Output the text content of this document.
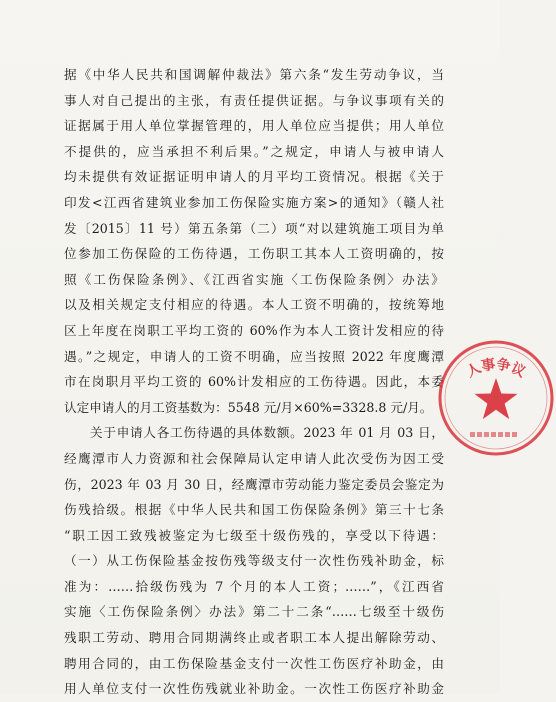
据《中华人民共和国调解仲裁法》第六条“发生劳动争议，当
事人对自己提出的主张，有责任提供证据。与争议事项有关的
证据属于用人单位掌握管理的，用人单位应当提供；用人单位
不提供的，应当承担不利后果。”之规定，申请人与被申请人
均未提供有效证据证明申请人的月平均工资情况。根据《关于
印发<江西省建筑业参加工伤保险实施方案>的通知》（赣人社
发〔2015〕11 号）第五条第（二）项“对以建筑施工项目为单
位参加工伤保险的工伤待遇，工伤职工其本人工资明确的，按
照《工伤保险条例》、《江西省实施〈工伤保险条例〉办法》
以及相关规定支付相应的待遇。本人工资不明确的，按统筹地
区上年度在岗职工平均工资的 60%作为本人工资计发相应的待
遇。”之规定，申请人的工资不明确，应当按照 2022 年度鹰潭
市在岗职月平均工资的 60%计发相应的工伤待遇。因此，本委
认定申请人的月工资基数为：5548 元/月×60%=3328.8 元/月。
关于申请人各工伤待遇的具体数额。2023 年 01 月 03 日，
经鹰潭市人力资源和社会保障局认定申请人此次受伤为因工受
伤，2023 年 03 月 30 日，经鹰潭市劳动能力鉴定委员会鉴定为
伤残拾级。根据《中华人民共和国工伤保险条例》第三十七条
“职工因工致残被鉴定为七级至十级伤残的，享受以下待遇：
（一）从工伤保险基金按伤残等级支付一次性伤残补助金，标
准为：……拾级伤残为 7 个月的本人工资；……”，《江西省
实施〈工伤保险条例〉办法》第二十二条“……七级至十级伤
残职工劳动、聘用合同期满终止或者职工本人提出解除劳动、
聘用合同的，由工伤保险基金支付一次性工伤医疗补助金，由
用人单位支付一次性伤残就业补助金。一次性工伤医疗补助金
人事争议
